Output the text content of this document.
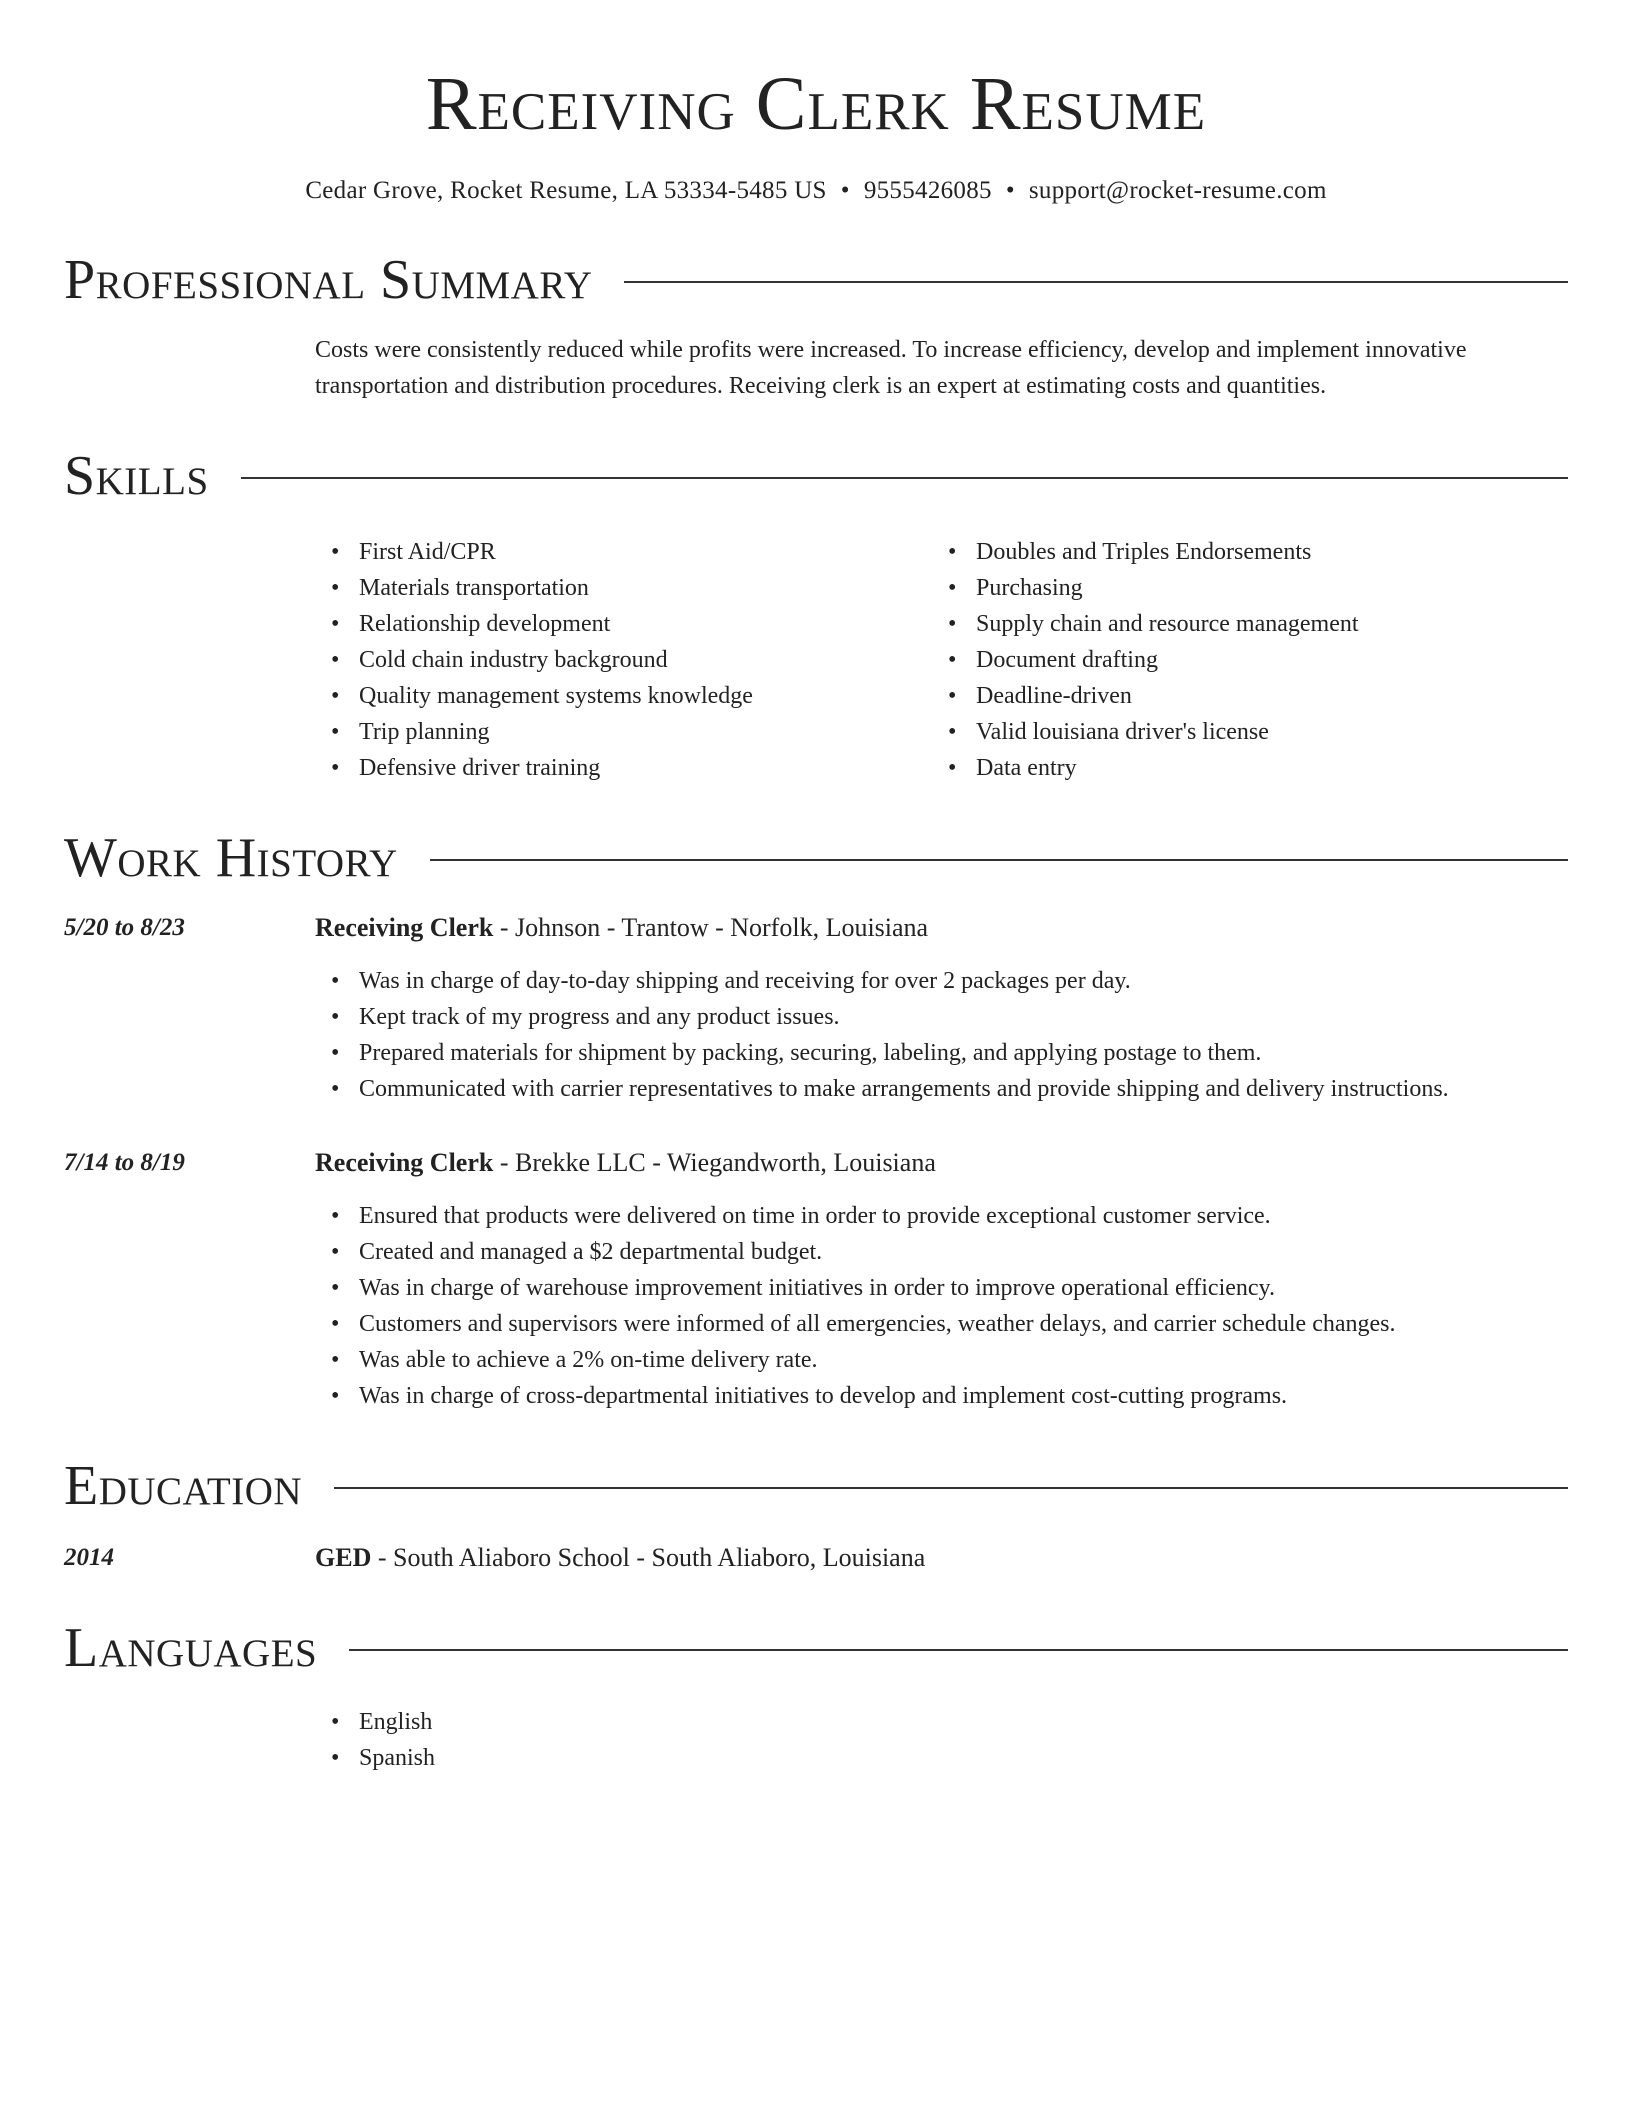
Receiving Clerk Resume
Cedar Grove, Rocket Resume, LA 53334-5485 US • 9555426085 • support@rocket-resume.com
Professional Summary
Costs were consistently reduced while profits were increased. To increase efficiency, develop and implement innovative transportation and distribution procedures. Receiving clerk is an expert at estimating costs and quantities.
Skills
• First Aid/CPR
• Materials transportation
• Relationship development
• Cold chain industry background
• Quality management systems knowledge
• Trip planning
• Defensive driver training
• Doubles and Triples Endorsements
• Purchasing
• Supply chain and resource management
• Document drafting
• Deadline-driven
• Valid louisiana driver's license
• Data entry
Work History
5/20 to 8/23	Receiving Clerk - Johnson - Trantow - Norfolk, Louisiana
• Was in charge of day-to-day shipping and receiving for over 2 packages per day.
• Kept track of my progress and any product issues.
• Prepared materials for shipment by packing, securing, labeling, and applying postage to them.
• Communicated with carrier representatives to make arrangements and provide shipping and delivery instructions.
7/14 to 8/19	Receiving Clerk - Brekke LLC - Wiegandworth, Louisiana
• Ensured that products were delivered on time in order to provide exceptional customer service.
• Created and managed a $2 departmental budget.
• Was in charge of warehouse improvement initiatives in order to improve operational efficiency.
• Customers and supervisors were informed of all emergencies, weather delays, and carrier schedule changes.
• Was able to achieve a 2% on-time delivery rate.
• Was in charge of cross-departmental initiatives to develop and implement cost-cutting programs.
Education
2014	GED - South Aliaboro School - South Aliaboro, Louisiana
Languages
• English
• Spanish
